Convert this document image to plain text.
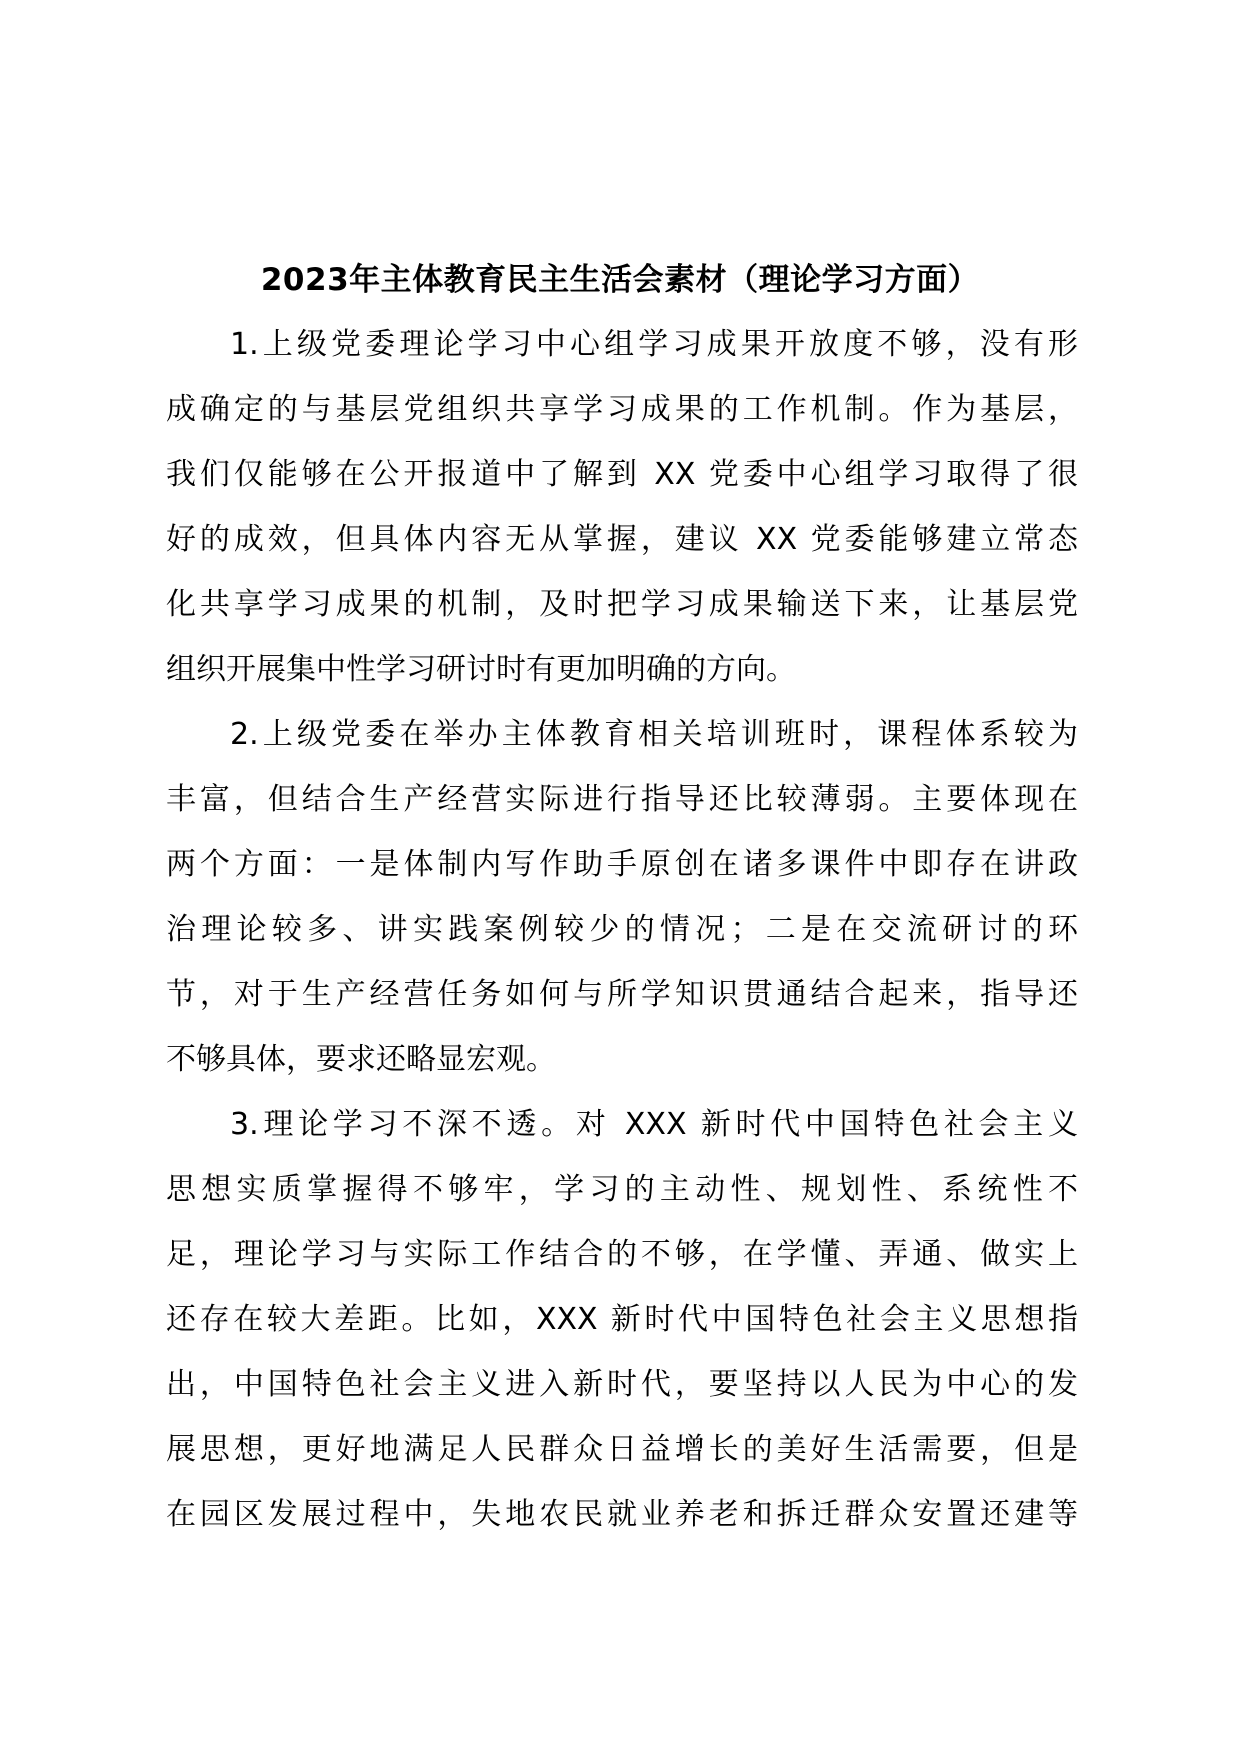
2023年主体教育民主生活会素材（理论学习方面）
1.上级党委理论学习中心组学习成果开放度不够，没有形
成确定的与基层党组织共享学习成果的工作机制。作为基层，
我们仅能够在公开报道中了解到 XX 党委中心组学习取得了很
好的成效，但具体内容无从掌握，建议 XX 党委能够建立常态
化共享学习成果的机制，及时把学习成果输送下来，让基层党
组织开展集中性学习研讨时有更加明确的方向。
2.上级党委在举办主体教育相关培训班时，课程体系较为
丰富，但结合生产经营实际进行指导还比较薄弱。主要体现在
两个方面：一是体制内写作助手原创在诸多课件中即存在讲政
治理论较多、讲实践案例较少的情况；二是在交流研讨的环
节，对于生产经营任务如何与所学知识贯通结合起来，指导还
不够具体，要求还略显宏观。
3.理论学习不深不透。对 XXX 新时代中国特色社会主义
思想实质掌握得不够牢，学习的主动性、规划性、系统性不
足，理论学习与实际工作结合的不够，在学懂、弄通、做实上
还存在较大差距。比如，XXX 新时代中国特色社会主义思想指
出，中国特色社会主义进入新时代，要坚持以人民为中心的发
展思想，更好地满足人民群众日益增长的美好生活需要，但是
在园区发展过程中，失地农民就业养老和拆迁群众安置还建等
